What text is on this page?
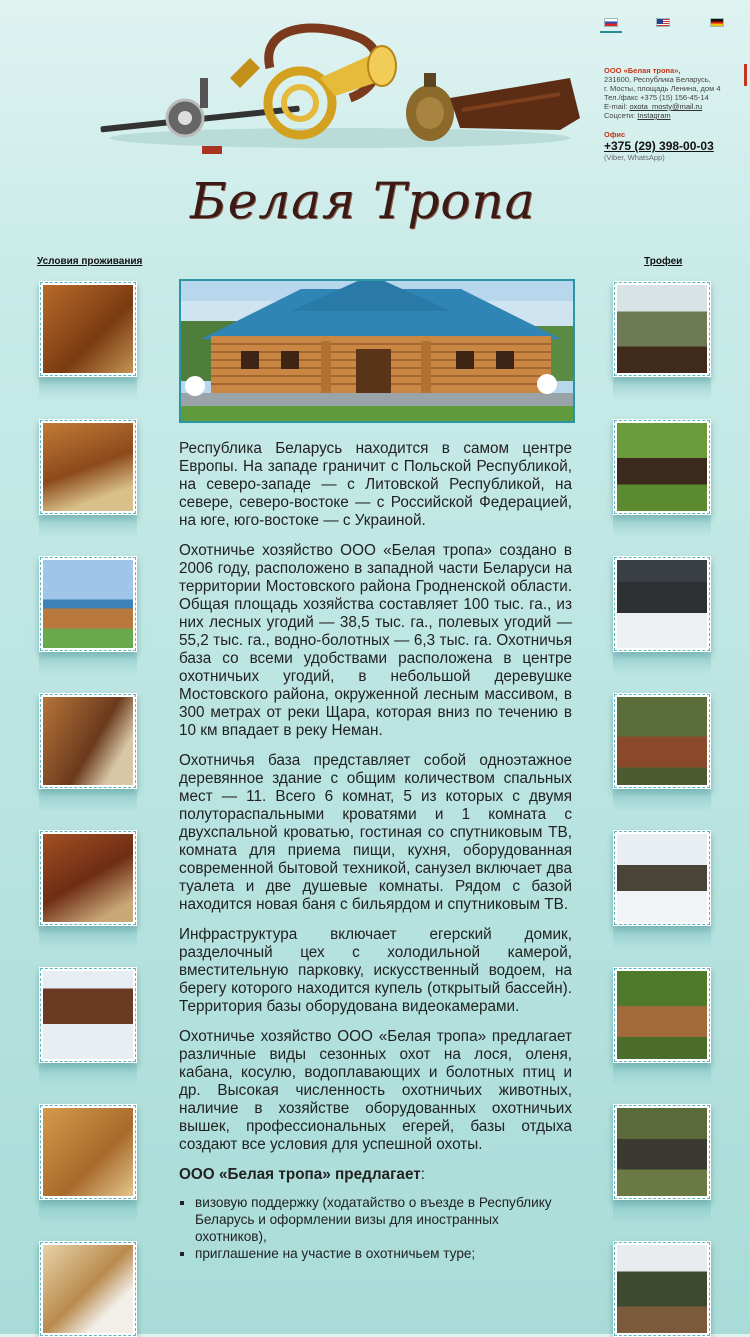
ООО «Белая тропа»,
231600, Республика Беларусь,
г. Мосты, площадь Ленина, дом 4
Тел./факс +375 (15) 156-45-14
E-mail: oxota_mosty@mail.ru
Соцсети: Instagram
Офис
+375 (29) 398-00-03
(Viber, WhatsApp)
Белая Тропа
Условия проживания	Трофеи

Республика Беларусь находится в самом центре Европы. На западе граничит с Польской Республикой, на северо-западе — с Литовской Республикой, на севере, северо-востоке — с Российской Федерацией, на юге, юго-востоке — с Украиной.

Охотничье хозяйство ООО «Белая тропа» создано в 2006 году, расположено в западной части Беларуси на территории Мостовского района Гродненской области. Общая площадь хозяйства составляет 100 тыс. га., из них лесных угодий — 38,5 тыс. га., полевых угодий — 55,2 тыс. га., водно-болотных — 6,3 тыс. га. Охотничья база со всеми удобствами расположена в центре охотничьих угодий, в небольшой деревушке Мостовского района, окруженной лесным массивом, в 300 метрах от реки Щара, которая вниз по течению в 10 км впадает в реку Неман.

Охотничья база представляет собой одноэтажное деревянное здание с общим количеством спальных мест — 11. Всего 6 комнат, 5 из которых с двумя полутораспальными кроватями и 1 комната с двухспальной кроватью, гостиная со спутниковым ТВ, комната для приема пищи, кухня, оборудованная современной бытовой техникой, санузел включает два туалета и две душевые комнаты. Рядом с базой находится новая баня с бильярдом и спутниковым ТВ.

Инфраструктура включает егерский домик, разделочный цех с холодильной камерой, вместительную парковку, искусственный водоем, на берегу которого находится купель (открытый бассейн). Территория базы оборудована видеокамерами.

Охотничье хозяйство ООО «Белая тропа» предлагает различные виды сезонных охот на лося, оленя, кабана, косулю, водоплавающих и болотных птиц и др. Высокая численность охотничьих животных, наличие в хозяйстве оборудованных охотничьих вышек, профессиональных егерей, базы отдыха создают все условия для успешной охоты.

ООО «Белая тропа» предлагает:
▪ визовую поддержку (ходатайство о въезде в Республику Беларусь и оформлении визы для иностранных охотников),
▪ приглашение на участие в охотничьем туре;
